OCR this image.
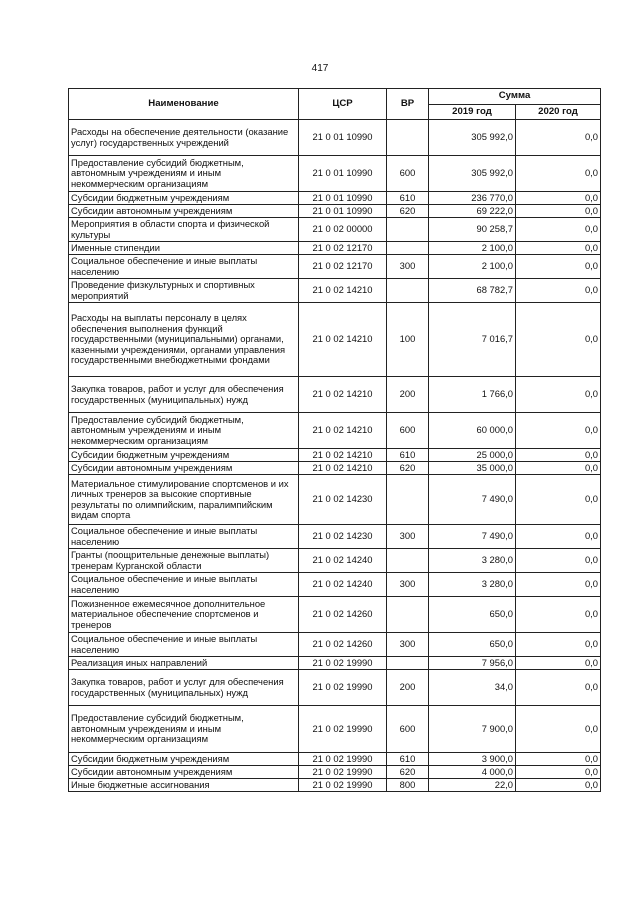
417
Наименование	ЦСР	ВР	Сумма	
			2019 год	2020 год
Расходы на обеспечение деятельности (оказание услуг) государственных учреждений	21 0 01 10990		305 992,0	0,0
Предоставление субсидий бюджетным, автономным учреждениям и иным некоммерческим организациям	21 0 01 10990	600	305 992,0	0,0
Субсидии бюджетным учреждениям	21 0 01 10990	610	236 770,0	0,0
Субсидии автономным учреждениям	21 0 01 10990	620	69 222,0	0,0
Мероприятия в области спорта и физической культуры	21 0 02 00000		90 258,7	0,0
Именные стипендии	21 0 02 12170		2 100,0	0,0
Социальное обеспечение и иные выплаты населению	21 0 02 12170	300	2 100,0	0,0
Проведение физкультурных и спортивных мероприятий	21 0 02 14210		68 782,7	0,0
Расходы на выплаты персоналу в целях обеспечения выполнения функций государственными (муниципальными) органами, казенными учреждениями, органами управления государственными внебюджетными фондами	21 0 02 14210	100	7 016,7	0,0
Закупка товаров, работ и услуг для обеспечения государственных (муниципальных) нужд	21 0 02 14210	200	1 766,0	0,0
Предоставление субсидий бюджетным, автономным учреждениям и иным некоммерческим организациям	21 0 02 14210	600	60 000,0	0,0
Субсидии бюджетным учреждениям	21 0 02 14210	610	25 000,0	0,0
Субсидии автономным учреждениям	21 0 02 14210	620	35 000,0	0,0
Материальное стимулирование спортсменов и их личных тренеров за высокие спортивные результаты по олимпийским, паралимпийским видам спорта	21 0 02 14230		7 490,0	0,0
Социальное обеспечение и иные выплаты населению	21 0 02 14230	300	7 490,0	0,0
Гранты (поощрительные денежные выплаты) тренерам Курганской области	21 0 02 14240		3 280,0	0,0
Социальное обеспечение и иные выплаты населению	21 0 02 14240	300	3 280,0	0,0
Пожизненное ежемесячное дополнительное материальное обеспечение спортсменов и тренеров	21 0 02 14260		650,0	0,0
Социальное обеспечение и иные выплаты населению	21 0 02 14260	300	650,0	0,0
Реализация иных направлений	21 0 02 19990		7 956,0	0,0
Закупка товаров, работ и услуг для обеспечения государственных (муниципальных) нужд	21 0 02 19990	200	34,0	0,0
Предоставление субсидий бюджетным, автономным учреждениям и иным некоммерческим организациям	21 0 02 19990	600	7 900,0	0,0
Субсидии бюджетным учреждениям	21 0 02 19990	610	3 900,0	0,0
Субсидии автономным учреждениям	21 0 02 19990	620	4 000,0	0,0
Иные бюджетные ассигнования	21 0 02 19990	800	22,0	0,0
